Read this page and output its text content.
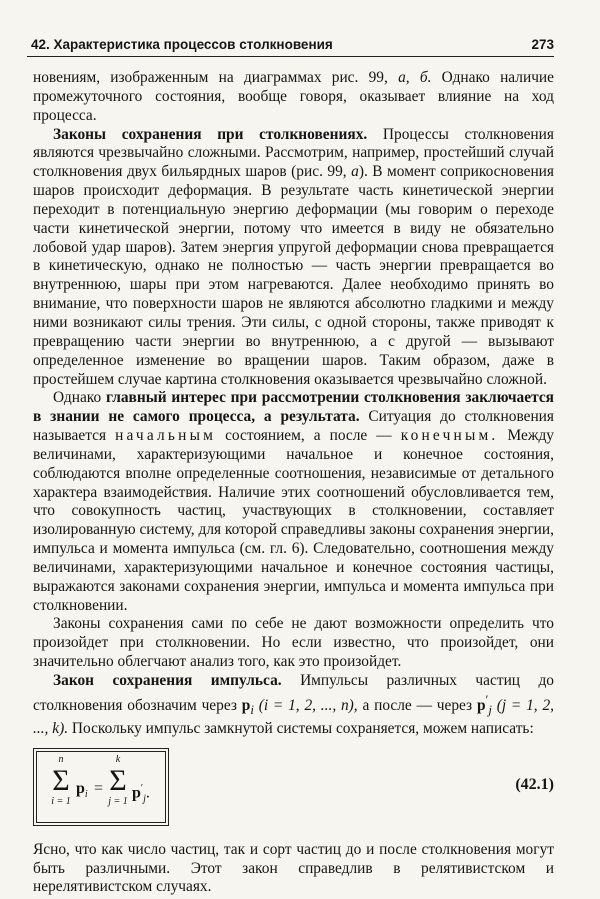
42. Характеристика процессов столкновения	273

новениям, изображенным на диаграммах рис. 99, а, б. Однако наличие промежуточного состояния, вообще говоря, оказывает влияние на ход процесса.

Законы сохранения при столкновениях. Процессы столкновения являются чрезвычайно сложными. Рассмотрим, например, простейший случай столкновения двух бильярдных шаров (рис. 99, а). В момент соприкосновения шаров происходит деформация. В результате часть кинетической энергии переходит в потенциальную энергию деформации (мы говорим о переходе части кинетической энергии, потому что имеется в виду не обязательно лобовой удар шаров). Затем энергия упругой деформации снова превращается в кинетическую, однако не полностью — часть энергии превращается во внутреннюю, шары при этом нагреваются. Далее необходимо принять во внимание, что поверхности шаров не являются абсолютно гладкими и между ними возникают силы трения. Эти силы, с одной стороны, также приводят к превращению части энергии во внутреннюю, а с другой — вызывают определенное изменение во вращении шаров. Таким образом, даже в простейшем случае картина столкновения оказывается чрезвычайно сложной.

Однако главный интерес при рассмотрении столкновения заключается в знании не самого процесса, а результата. Ситуация до столкновения называется начальным состоянием, а после — конечным. Между величинами, характеризующими начальное и конечное состояния, соблюдаются вполне определенные соотношения, независимые от детального характера взаимодействия. Наличие этих соотношений обусловливается тем, что совокупность частиц, участвующих в столкновении, составляет изолированную систему, для которой справедливы законы сохранения энергии, импульса и момента импульса (см. гл. 6). Следовательно, соотношения между величинами, характеризующими начальное и конечное состояния частицы, выражаются законами сохранения энергии, импульса и момента импульса при столкновении.

Законы сохранения сами по себе не дают возможности определить что произойдет при столкновении. Но если известно, что произойдет, они значительно облегчают анализ того, как это произойдет.

Закон сохранения импульса. Импульсы различных частиц до столкновения обозначим через $p_i$ (i = 1, 2, ..., n), а после — через $p'_j$ (j = 1, 2, ..., k). Поскольку импульс замкнутой системы сохраняется, можем написать:

n
Σ
i = 1
$p_i$ =
k
Σ
j = 1
$p'_j$.	(42.1)

Ясно, что как число частиц, так и сорт частиц до и после столкновения могут быть различными. Этот закон справедлив в релятивистском и нерелятивистском случаях.
